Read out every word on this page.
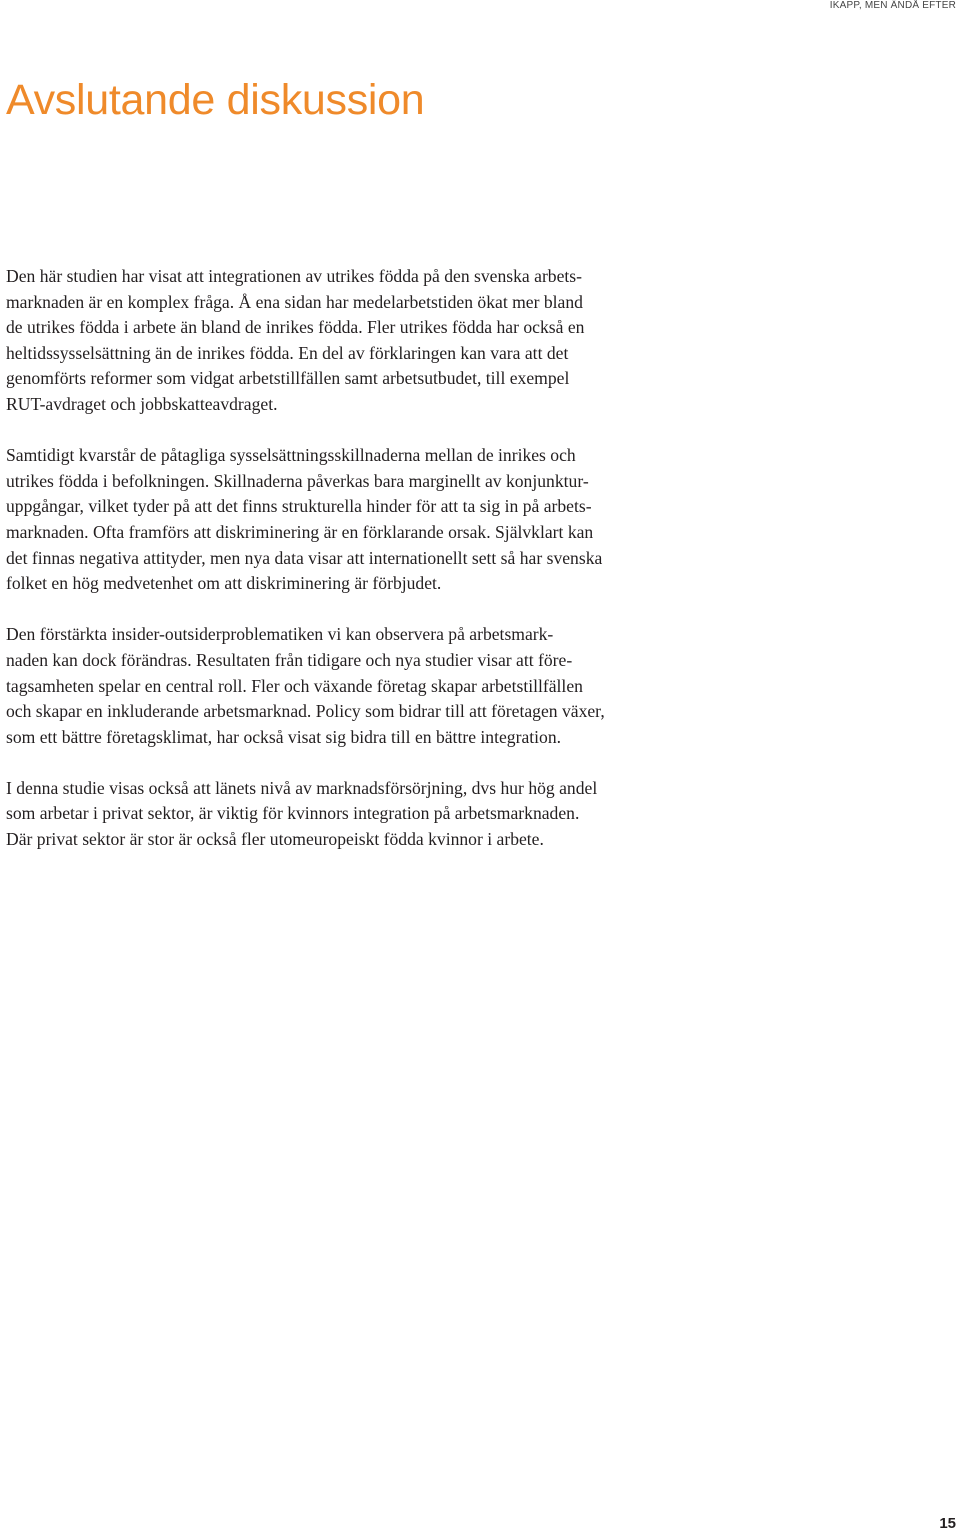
IKAPP, MEN ÄNDÅ EFTER
Avslutande diskussion

Den här studien har visat att integrationen av utrikes födda på den svenska arbets-
marknaden är en komplex fråga. Å ena sidan har medelarbetstiden ökat mer bland
de utrikes födda i arbete än bland de inrikes födda. Fler utrikes födda har också en
heltidssysselsättning än de inrikes födda. En del av förklaringen kan vara att det
genomförts reformer som vidgat arbetstillfällen samt arbetsutbudet, till exempel
RUT-avdraget och jobbskatteavdraget.

Samtidigt kvarstår de påtagliga sysselsättningsskillnaderna mellan de inrikes och
utrikes födda i befolkningen. Skillnaderna påverkas bara marginellt av konjunktur-
uppgångar, vilket tyder på att det finns strukturella hinder för att ta sig in på arbets-
marknaden. Ofta framförs att diskriminering är en förklarande orsak. Självklart kan
det finnas negativa attityder, men nya data visar att internationellt sett så har svenska
folket en hög medvetenhet om att diskriminering är förbjudet.

Den förstärkta insider-outsiderproblematiken vi kan observera på arbetsmark-
naden kan dock förändras. Resultaten från tidigare och nya studier visar att före-
tagsamheten spelar en central roll. Fler och växande företag skapar arbetstillfällen
och skapar en inkluderande arbetsmarknad. Policy som bidrar till att företagen växer,
som ett bättre företagsklimat, har också visat sig bidra till en bättre integration.

I denna studie visas också att länets nivå av marknadsförsörjning, dvs hur hög andel
som arbetar i privat sektor, är viktig för kvinnors integration på arbetsmarknaden.
Där privat sektor är stor är också fler utomeuropeiskt födda kvinnor i arbete.

15
